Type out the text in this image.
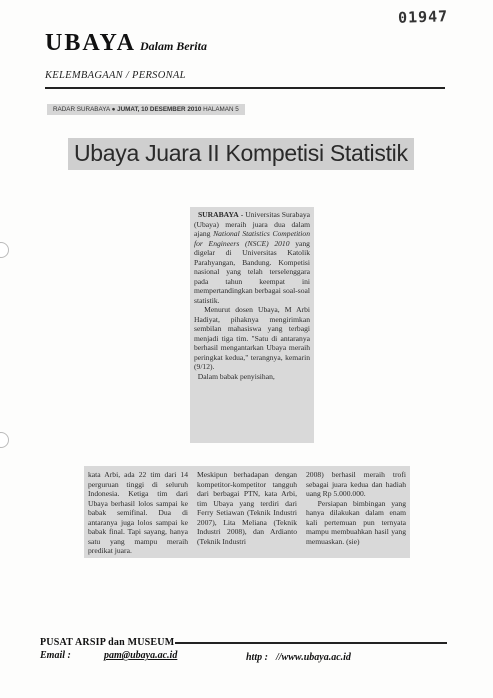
01947
UBAYA Dalam Berita
KELEMBAGAAN / PERSONAL
RADAR SURABAYA ● JUMAT, 10 DESEMBER 2010 HALAMAN 5
Ubaya Juara II Kompetisi Statistik

SURABAYA - Universitas Surabaya (Ubaya) meraih juara dua dalam ajang National Statistics Competition for Engineers (NSCE) 2010 yang digelar di Universitas Katolik Parahyangan, Bandung. Kompetisi nasional yang telah terselenggara pada tahun keempat ini mempertandingkan berbagai soal-soal statistik.

Menurut dosen Ubaya, M Arbi Hadiyat, pihaknya mengirimkan sembilan mahasiswa yang terbagi menjadi tiga tim. "Satu di antaranya berhasil mengantarkan Ubaya meraih peringkat kedua," terangnya, kemarin (9/12).

Dalam babak penyisihan,

kata Arbi, ada 22 tim dari 14 perguruan tinggi di seluruh Indonesia. Ketiga tim dari Ubaya berhasil lolos sampai ke babak semifinal. Dua di antaranya juga lolos sampai ke babak final. Tapi sayang, hanya satu yang mampu meraih predikat juara.

Meskipun berhadapan dengan kompetitor-kompetitor tangguh dari berbagai PTN, kata Arbi, tim Ubaya yang terdiri dari Ferry Setiawan (Teknik Industri 2007), Lita Meliana (Teknik Industri 2008), dan Ardianto (Teknik Industri

2008) berhasil meraih trofi sebagai juara kedua dan hadiah uang Rp 5.000.000.

Persiapan bimbingan yang hanya dilakukan dalam enam kali pertemuan pun ternyata mampu membuahkan hasil yang memuaskan. (sie)

PUSAT ARSIP dan MUSEUM
Email :	pam@ubaya.ac.id	http : //www.ubaya.ac.id
